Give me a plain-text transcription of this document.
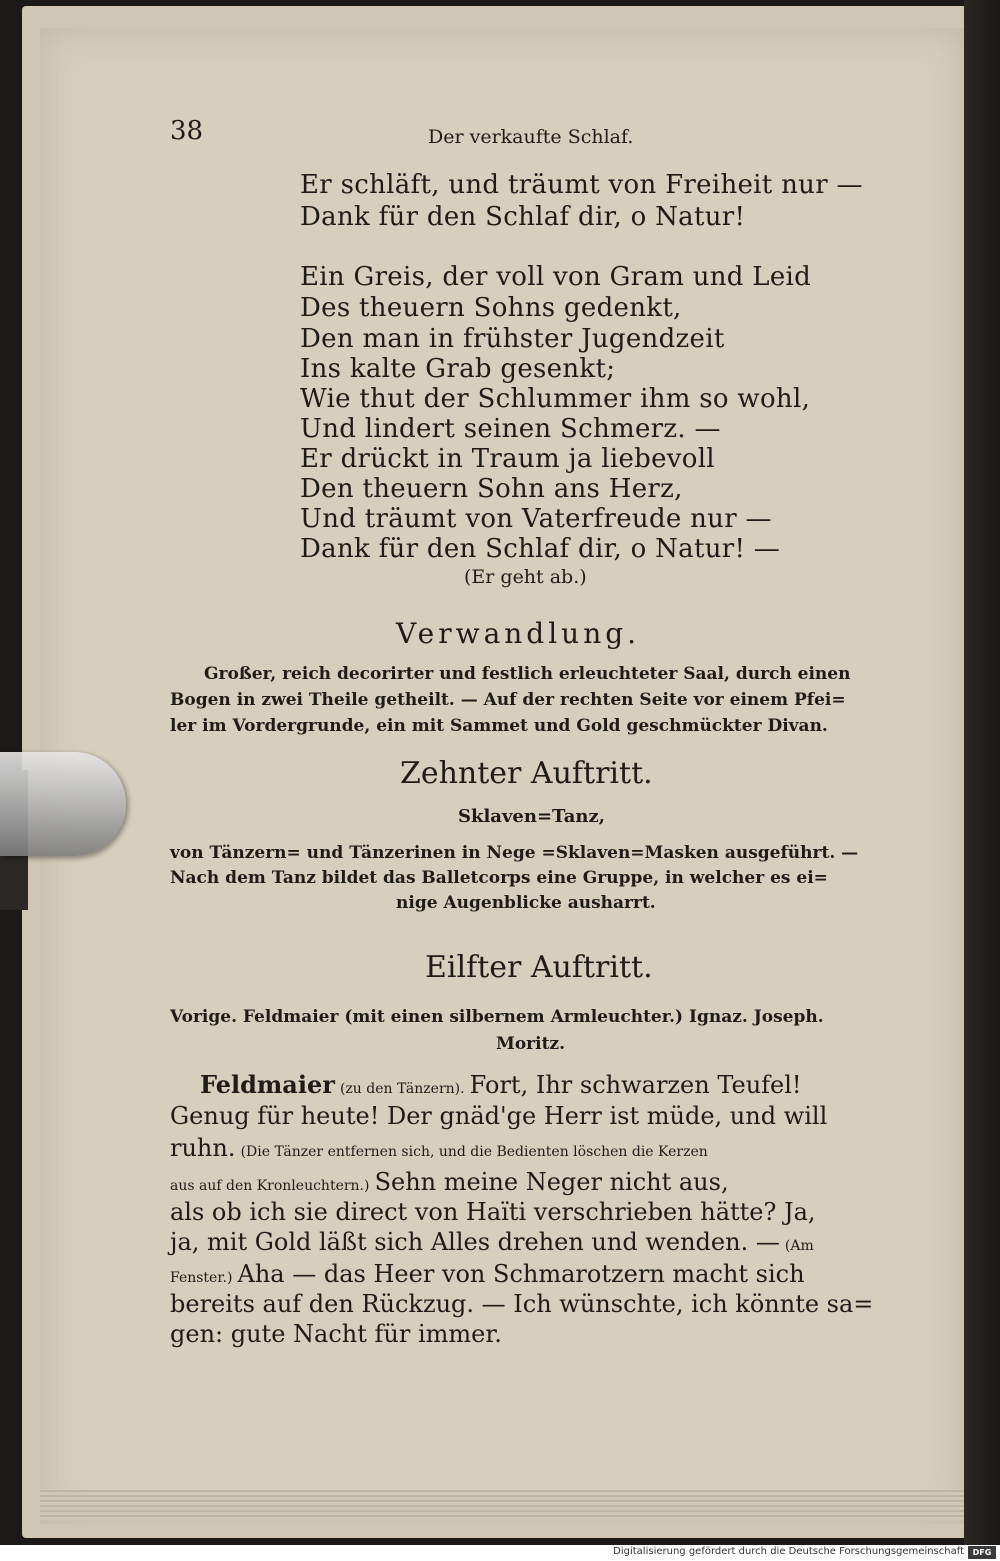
38	Der verkaufte Schlaf.
Er schläft, und träumt von Freiheit nur —
Dank für den Schlaf dir, o Natur!
Ein Greis, der voll von Gram und Leid
Des theuern Sohns gedenkt,
Den man in frühster Jugendzeit
Ins kalte Grab gesenkt;
Wie thut der Schlummer ihm so wohl,
Und lindert seinen Schmerz. —
Er drückt in Traum ja liebevoll
Den theuern Sohn ans Herz,
Und träumt von Vaterfreude nur —
Dank für den Schlaf dir, o Natur! —
(Er geht ab.)
Verwandlung.
Großer, reich decorirter und festlich erleuchteter Saal, durch einen
Bogen in zwei Theile getheilt. — Auf der rechten Seite vor einem Pfei=
ler im Vordergrunde, ein mit Sammet und Gold geschmückter Divan.
Zehnter Auftritt.
Sklaven=Tanz,
von Tänzern= und Tänzerinen in Nege =Sklaven=Masken ausgeführt. —
Nach dem Tanz bildet das Balletcorps eine Gruppe, in welcher es ei=
nige Augenblicke ausharrt.
Eilfter Auftritt.
Vorige. Feldmaier (mit einen silbernem Armleuchter.) Ignaz. Joseph.
Moritz.
Feldmaier (zu den Tänzern). Fort, Ihr schwarzen Teufel!
Genug für heute! Der gnäd'ge Herr ist müde, und will
ruhn. (Die Tänzer entfernen sich, und die Bedienten löschen die Kerzen
aus auf den Kronleuchtern.) Sehn meine Neger nicht aus,
als ob ich sie direct von Haïti verschrieben hätte? Ja,
ja, mit Gold läßt sich Alles drehen und wenden. — (Am
Fenster.) Aha — das Heer von Schmarotzern macht sich
bereits auf den Rückzug. — Ich wünschte, ich könnte sa=
gen: gute Nacht für immer.
Digitalisierung gefördert durch die Deutsche Forschungsgemeinschaft	DFG
